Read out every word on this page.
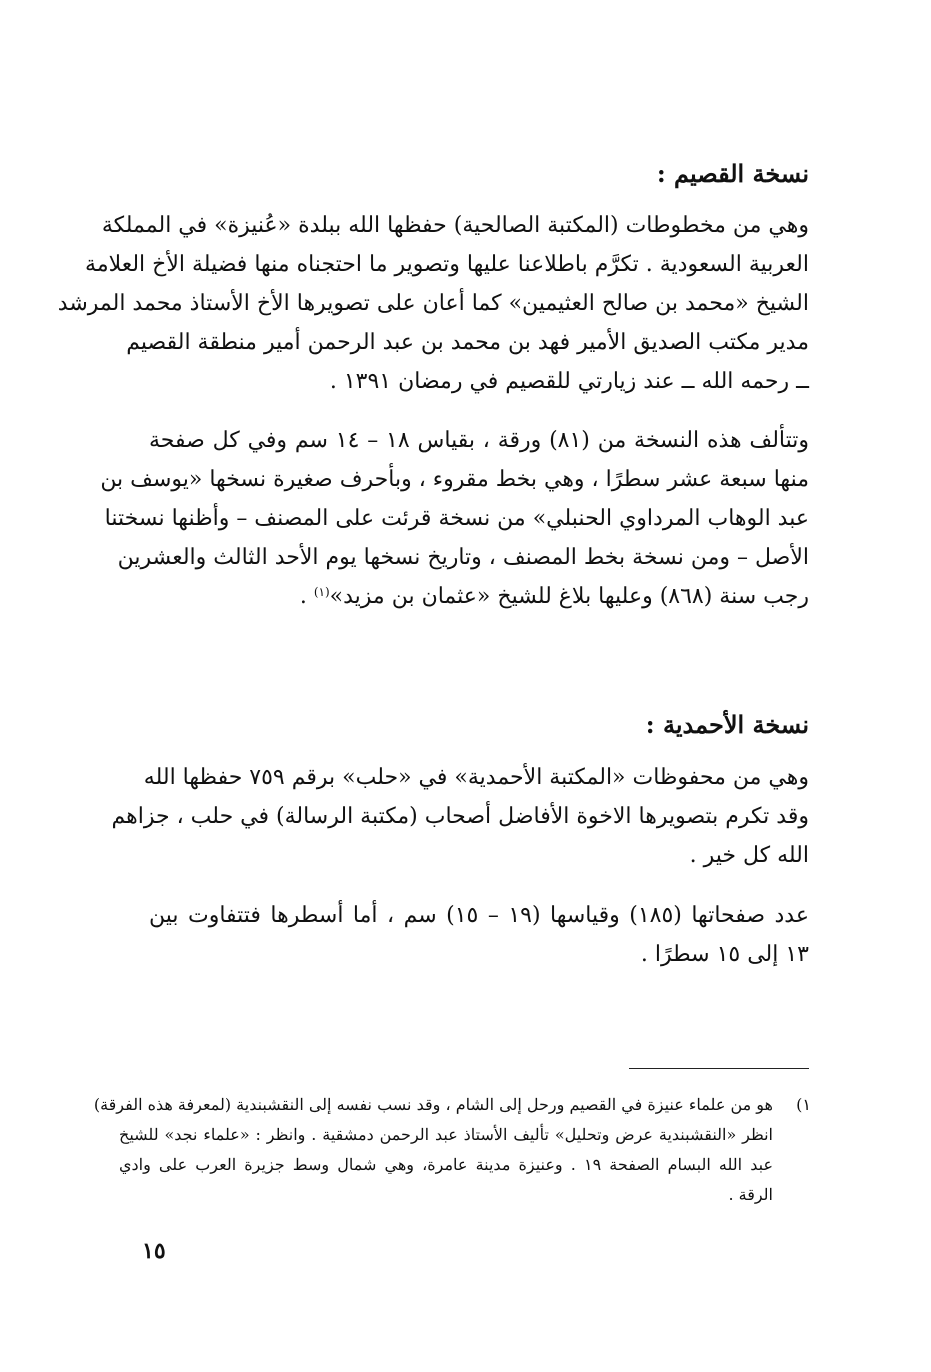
نسخة القصيم :
وهي من مخطوطات (المكتبة الصالحية) حفظها الله ببلدة «عُنيزة» في المملكة
العربية السعودية . تكرَّم باطلاعنا عليها وتصوير ما احتجناه منها فضيلة الأخ العلامة
الشيخ «محمد بن صالح العثيمين» كما أعان على تصويرها الأخ الأستاذ محمد المرشد
مدير مكتب الصديق الأمير فهد بن محمد بن عبد الرحمن أمير منطقة القصيم
ــ رحمه الله ــ عند زيارتي للقصيم في رمضان ١٣٩١ .
وتتألف هذه النسخة من (٨١) ورقة ، بقياس ١٨ – ١٤ سم وفي كل صفحة
منها سبعة عشر سطرًا ، وهي بخط مقروء ، وبأحرف صغيرة نسخها «يوسف بن
عبد الوهاب المرداوي الحنبلي» من نسخة قرئت على المصنف – وأظنها نسختنا
الأصل – ومن نسخة بخط المصنف ، وتاريخ نسخها يوم الأحد الثالث والعشرين
رجب سنة (٨٦٨) وعليها بلاغ للشيخ «عثمان بن مزيد»$^{(١)}$ .
نسخة الأحمدية :
وهي من محفوظات «المكتبة الأحمدية» في «حلب» برقم ٧٥٩ حفظها الله
وقد تكرم بتصويرها الاخوة الأفاضل أصحاب (مكتبة الرسالة) في حلب ، جزاهم
الله كل خير .
عدد صفحاتها (١٨٥) وقياسها (١٩ – ١٥) سم ، أما أسطرها فتتفاوت بين
١٣ إلى ١٥ سطرًا .
١)
هو من علماء عنيزة في القصيم ورحل إلى الشام ، وقد نسب نفسه إلى النقشبندية (لمعرفة هذه الفرقة)
انظر «النقشبندية عرض وتحليل» تأليف الأستاذ عبد الرحمن دمشقية . وانظر : «علماء نجد» للشيخ
عبد الله البسام الصفحة ١٩ . وعنيزة مدينة عامرة، وهي شمال وسط جزيرة العرب على وادي
الرقة .
١٥
